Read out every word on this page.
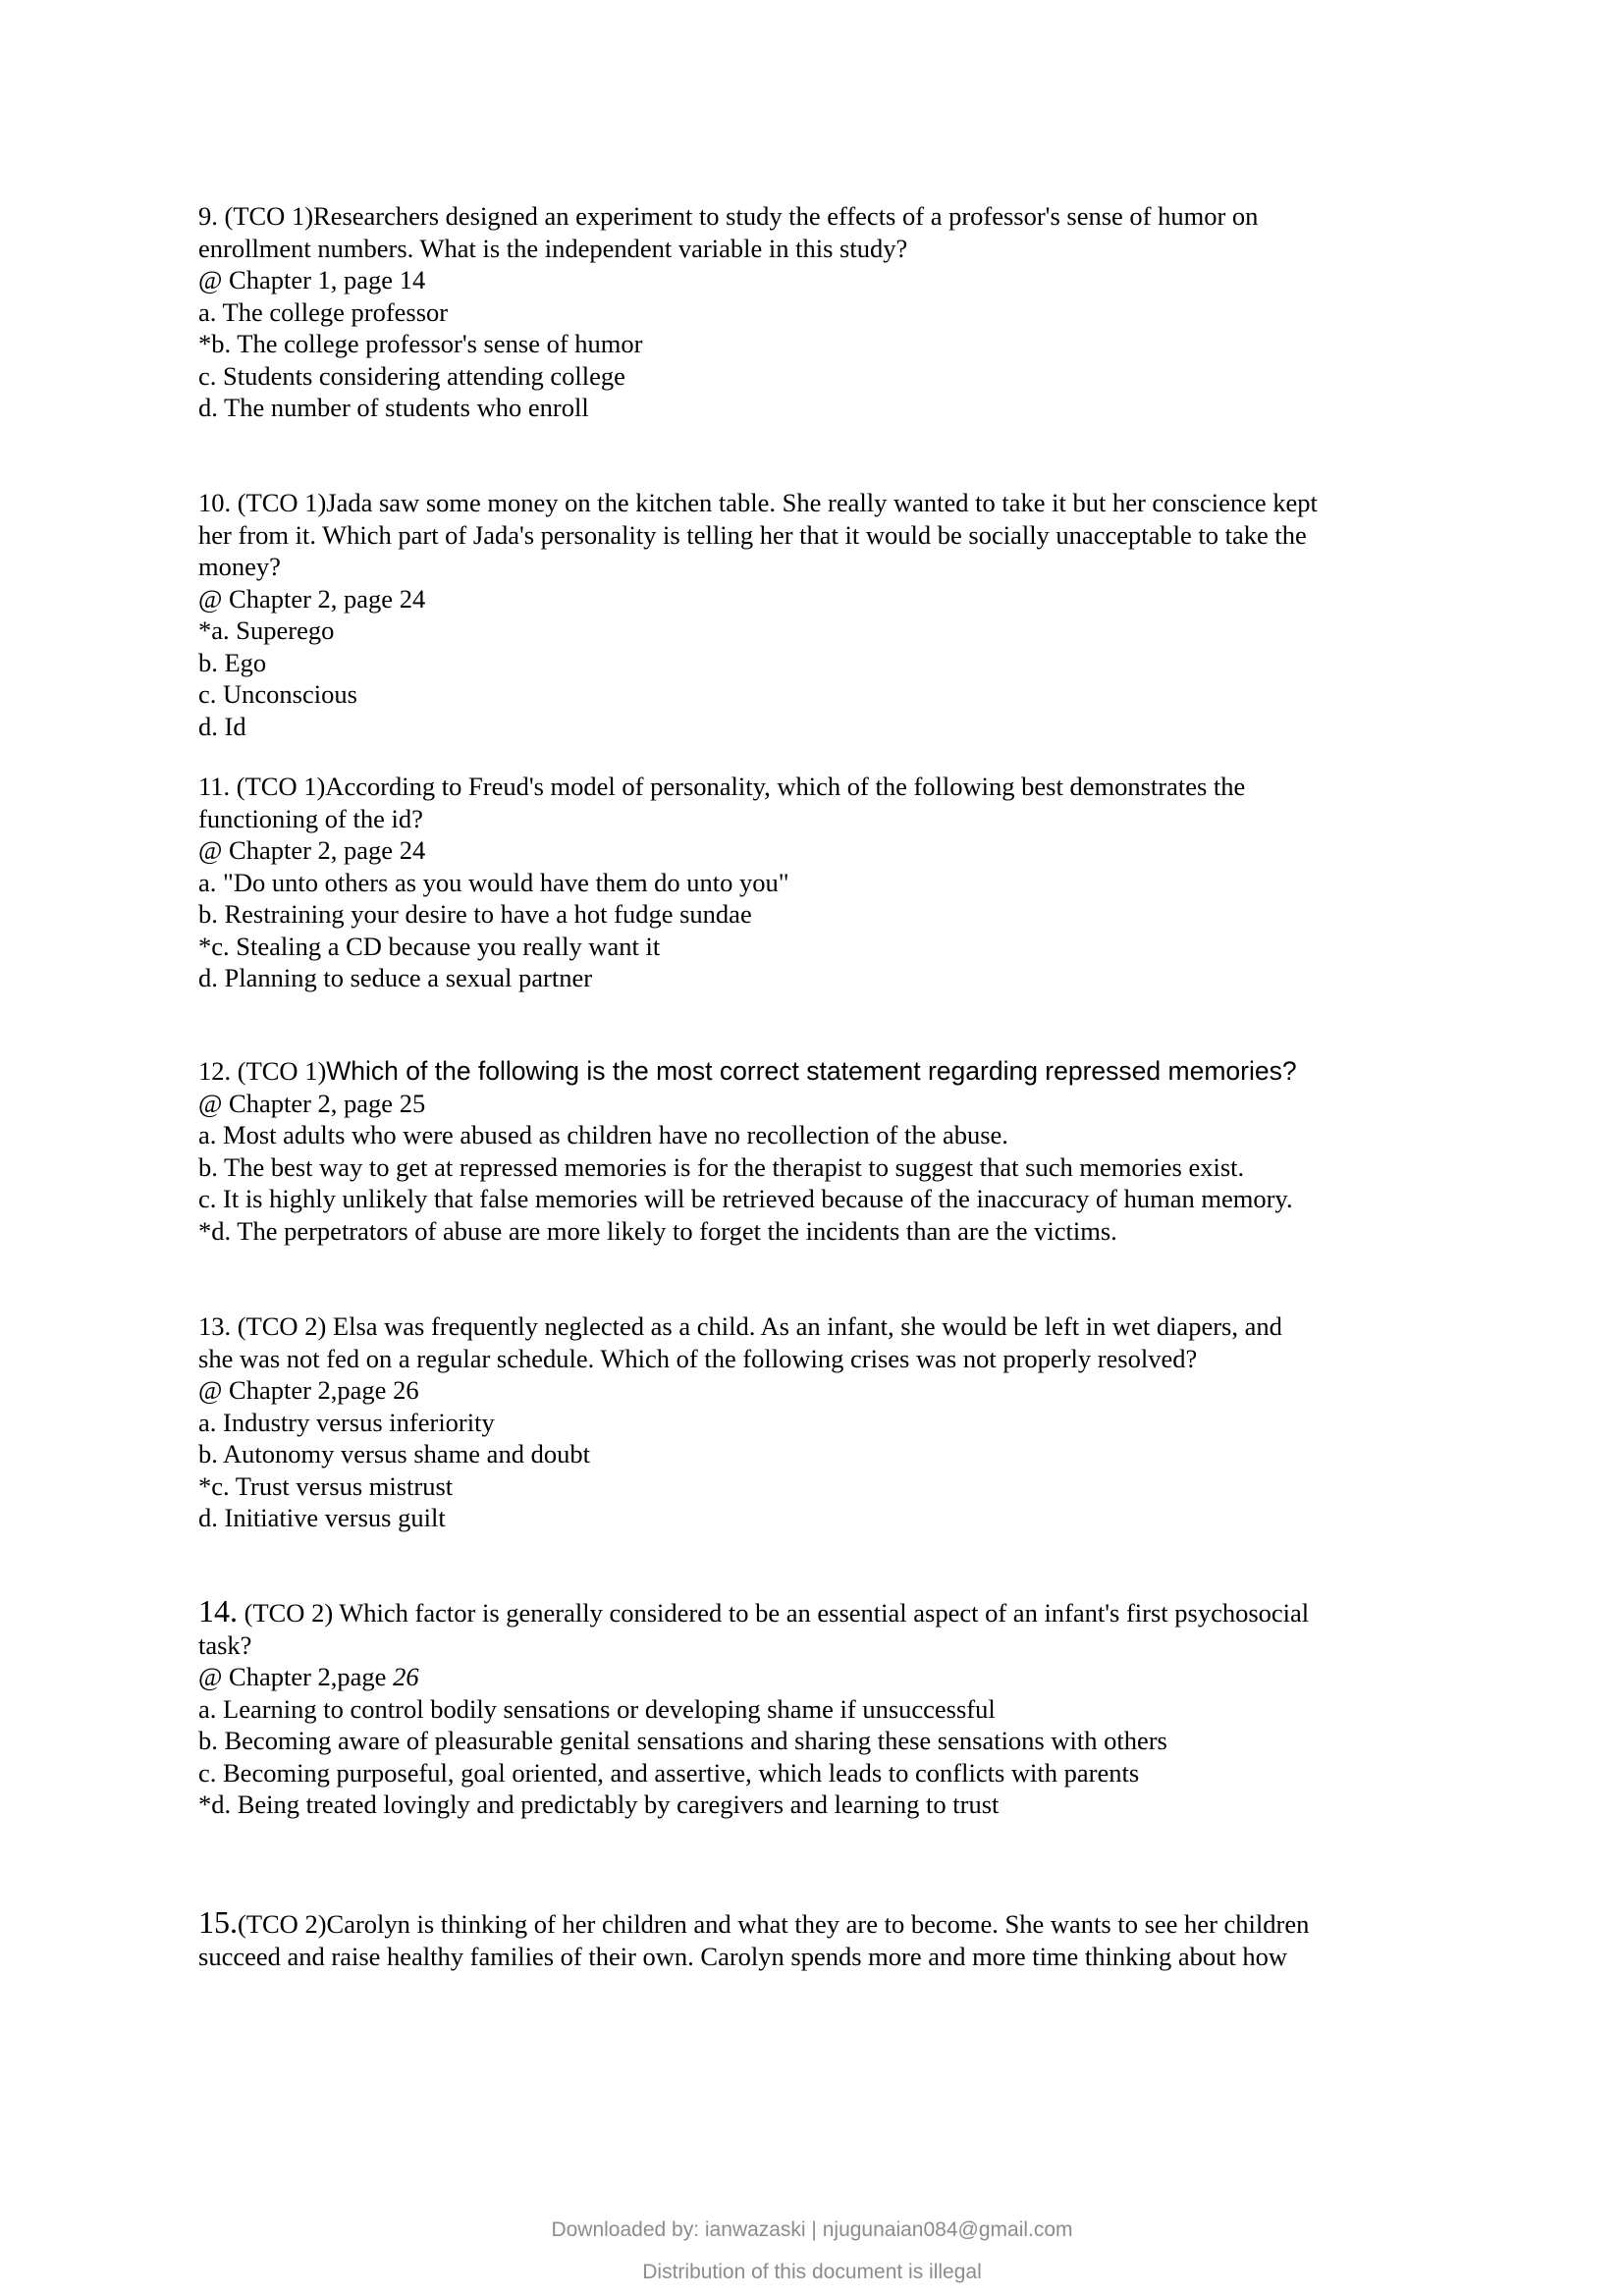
9. (TCO 1)Researchers designed an experiment to study the effects of a professor's sense of humor on
enrollment numbers. What is the independent variable in this study?
@ Chapter 1, page 14
a. The college professor
*b. The college professor's sense of humor
c. Students considering attending college
d. The number of students who enroll
10. (TCO 1)Jada saw some money on the kitchen table. She really wanted to take it but her conscience kept
her from it. Which part of Jada's personality is telling her that it would be socially unacceptable to take the
money?
@ Chapter 2, page 24
*a. Superego
b. Ego
c. Unconscious
d. Id
11. (TCO 1)According to Freud's model of personality, which of the following best demonstrates the
functioning of the id?
@ Chapter 2, page 24
a. "Do unto others as you would have them do unto you"
b. Restraining your desire to have a hot fudge sundae
*c. Stealing a CD because you really want it
d. Planning to seduce a sexual partner
12. (TCO 1)Which of the following is the most correct statement regarding repressed memories?
@ Chapter 2, page 25
a. Most adults who were abused as children have no recollection of the abuse.
b. The best way to get at repressed memories is for the therapist to suggest that such memories exist.
c. It is highly unlikely that false memories will be retrieved because of the inaccuracy of human memory.
*d. The perpetrators of abuse are more likely to forget the incidents than are the victims.
13. (TCO 2) Elsa was frequently neglected as a child. As an infant, she would be left in wet diapers, and
she was not fed on a regular schedule. Which of the following crises was not properly resolved?
@ Chapter 2,page 26
a. Industry versus inferiority
b. Autonomy versus shame and doubt
*c. Trust versus mistrust
d. Initiative versus guilt
14. (TCO 2) Which factor is generally considered to be an essential aspect of an infant's first psychosocial
task?
@ Chapter 2,page 26
a. Learning to control bodily sensations or developing shame if unsuccessful
b. Becoming aware of pleasurable genital sensations and sharing these sensations with others
c. Becoming purposeful, goal oriented, and assertive, which leads to conflicts with parents
*d. Being treated lovingly and predictably by caregivers and learning to trust
15.(TCO 2)Carolyn is thinking of her children and what they are to become. She wants to see her children
succeed and raise healthy families of their own. Carolyn spends more and more time thinking about how
Downloaded by: ianwazaski | njugunaian084@gmail.com
Distribution of this document is illegal
